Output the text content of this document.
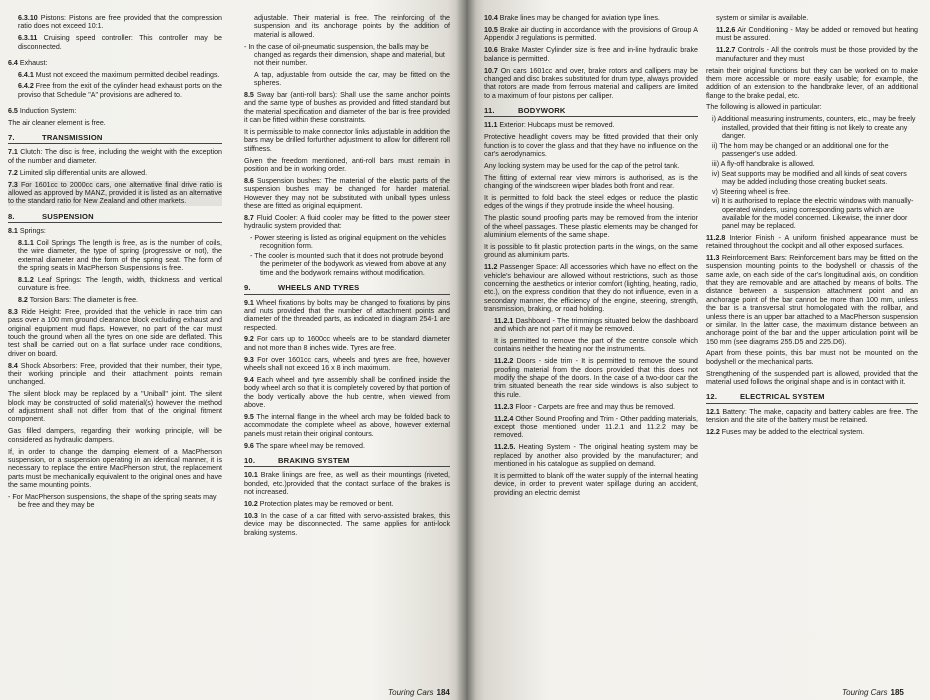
6.3.10 Pistons: Pistons are free provided that the compression ratio does not exceed 10:1.

6.3.11 Cruising speed controller: This controller may be disconnected.

6.4 Exhaust:

6.4.1 Must not exceed the maximum permitted decibel readings.

6.4.2 Free from the exit of the cylinder head exhaust ports on the proviso that Schedule "A" provisions are adhered to.

6.5 Induction System:

The air cleaner element is free.

7.	TRANSMISSION

7.1 Clutch: The disc is free, including the weight with the exception of the number and diameter.

7.2 Limited slip differential units are allowed.

7.3 For 1601cc to 2000cc cars, one alternative final drive ratio is allowed as approved by MANZ, provided it is listed as an alternative to the standard ratio for New Zealand and other markets.

8.	SUSPENSION

8.1 Springs:

8.1.1 Coil Springs The length is free, as is the number of coils, the wire diameter, the type of spring (progressive or not), the external diameter and the form of the spring seat. The form of the spring seats in MacPherson Suspensions is free.

8.1.2 Leaf Springs: The length, width, thickness and vertical curvature is free.

8.2 Torsion Bars: The diameter is free.

8.3 Ride Height: Free, provided that the vehicle in race trim can pass over a 100 mm ground clearance block excluding exhaust and original equipment mud flaps. However, no part of the car must touch the ground when all the tyres on one side are deflated. This test shall be carried out on a flat surface under race conditions, driver on board.

8.4 Shock Absorbers: Free, provided that their number, their type, their working principle and their attachment points remain unchanged.

The silent block may be replaced by a "Uniball" joint. The silent block may be constructed of solid material(s) however the method of adjustment shall not differ from that of the original fitment component.

Gas filled dampers, regarding their working principle, will be considered as hydraulic dampers.

If, in order to change the damping element of a MacPherson suspension, or a suspension operating in an identical manner, it is necessary to replace the entire MacPherson strut, the replacement parts must be mechanically equivalent to the original ones and have the same mounting points.

- For MacPherson suspensions, the shape of the spring seats may be free and they may be

adjustable. Their material is free. The reinforcing of the suspension and its anchorage points by the addition of material is allowed.

- In the case of oil-pneumatic suspension, the balls may be changed as regards their dimension, shape and material, but not their number.

A tap, adjustable from outside the car, may be fitted on the spheres.

8.5 Sway bar (anti-roll bars): Shall use the same anchor points and the same type of bushes as provided and fitted standard but the material specification and diameter of the bar is free provided it can be fitted within these constraints.

It is permissible to make connector links adjustable in addition the bars may be drilled forfurther adjustment to allow for different roll stiffness.

Given the freedom mentioned, anti-roll bars must remain in position and be in working order.

8.6 Suspension bushes: The material of the elastic parts of the suspension bushes may be changed for harder material. However they may not be substituted with uniball types unless these are fitted as original equipment.

8.7 Fluid Cooler: A fluid cooler may be fitted to the power steer hydraulic system provided that:

- Power steering is listed as original equipment on the vehicles recognition form.
- The cooler is mounted such that it does not protrude beyond the perimeter of the bodywork as viewed from above at any time and the bodywork remains without modification.
9.	WHEELS AND TYRES

9.1 Wheel fixations by bolts may be changed to fixations by pins and nuts provided that the number of attachment points and diameter of the threaded parts, as indicated in diagram 254-1 are respected.

9.2 For cars up to 1600cc wheels are to be standard diameter and not more than 8 inches wide. Tyres are free.

9.3 For over 1601cc cars, wheels and tyres are free, however wheels shall not exceed 16 x 8 inch maximum.

9.4 Each wheel and tyre assembly shall be confined inside the body wheel arch so that it is completely covered by that portion of the body vertically above the hub centre, when viewed from above.

9.5 The internal flange in the wheel arch may be folded back to accommodate the complete wheel as above, however external panels must retain their original contours.

9.6 The spare wheel may be removed.

10.	BRAKING SYSTEM

10.1 Brake linings are free, as well as their mountings (riveted, bonded, etc.)provided that the contact surface of the brakes is not increased.

10.2 Protection plates may be removed or bent.

10.3 In the case of a car fitted with servo-assisted brakes, this device may be disconnected. The same applies for anti-lock braking systems.

Touring Cars 184

10.4 Brake lines may be changed for aviation type lines.

10.5 Brake air ducting in accordance with the provisions of Group A Appendix J regulations is permitted.

10.6 Brake Master Cylinder size is free and in-line hydraulic brake balance is permitted.

10.7 On cars 1601cc and over, brake rotors and callipers may be changed and disc brakes substituted for drum type, always provided that rotors are made from ferrous material and callipers are limited to a maximum of four pistons per calliper.

11.	BODYWORK

11.1 Exterior: Hubcaps must be removed.

Protective headlight covers may be fitted provided that their only function is to cover the glass and that they have no influence on the car's aerodynamics.

Any locking system may be used for the cap of the petrol tank.

The fitting of external rear view mirrors is authorised, as is the changing of the windscreen wiper blades both front and rear.

It is permitted to fold back the steel edges or reduce the plastic edges of the wings if they protrude inside the wheel housing.

The plastic sound proofing parts may be removed from the interior of the wheel passages. These plastic elements may be changed for aluminium elements of the same shape.

It is possible to fit plastic protection parts in the wings, on the same ground as aluminium parts.

11.2 Passenger Space: All accessories which have no effect on the vehicle's behaviour are allowed without restrictions, such as those concerning the aesthetics or interior comfort (lighting, heating, radio, etc.), on the express condition that they do not influence, even in a secondary manner, the efficiency of the engine, steering, strength, transmission, braking, or road holding.

11.2.1 Dashboard - The trimmings situated below the dashboard and which are not part of it may be removed.

It is permitted to remove the part of the centre console which contains neither the heating nor the instruments.

11.2.2 Doors - side trim - It is permitted to remove the sound proofing material from the doors provided that this does not modify the shape of the doors. In the case of a two-door car the trim situated beneath the rear side windows is also subject to this rule.

11.2.3 Floor - Carpets are free and may thus be removed.

11.2.4 Other Sound Proofing and Trim - Other padding materials, except those mentioned under 11.2.1 and 11.2.2 may be removed.

11.2.5. Heating System - The original heating system may be replaced by another also provided by the manufacturer; and mentioned in his catalogue as supplied on demand.

It is permitted to blank off the water supply of the internal heating device, in order to prevent water spillage during an accident, providing an electric demist

system or similar is available.

11.2.6 Air Conditioning - May be added or removed but heating must be assured.

11.2.7 Controls - All the controls must be those provided by the manufacturer and they must

retain their original functions but they can be worked on to make them more accessible or more easily usable; for example, the addition of an extension to the handbrake lever, of an additional flange to the brake pedal, etc.

The following is allowed in particular:

i) Additional measuring instruments, counters, etc., may be freely installed, provided that their fitting is not likely to create any danger.
ii) The horn may be changed or an additional one for the passenger's use added.
iii) A fly-off handbrake is allowed.
iv) Seat supports may be modified and all kinds of seat covers may be added including those creating bucket seats.
v) Steering wheel is free.
vi) It is authorised to replace the electric windows with manually-operated winders, using corresponding parts which are available for the model concerned. Likewise, the inner door panel may be replaced.

11.2.8 Interior Finish - A uniform finished appearance must be retained throughout the cockpit and all other exposed surfaces.

11.3 Reinforcement Bars: Reinforcement bars may be fitted on the suspension mounting points to the bodyshell or chassis of the same axle, on each side of the car's longitudinal axis, on condition that they are removable and are attached by means of bolts. The distance between a suspension attachment point and an anchorage point of the bar cannot be more than 100 mm, unless the bar is a transversal strut homologated with the rollbar, and unless there is an upper bar attached to a MacPherson suspension or similar. In the latter case, the maximum distance between an anchorage point of the bar and the upper articulation point will be 150 mm (see diagrams 255.D5 and 225.D6).

Apart from these points, this bar must not be mounted on the bodyshell or the mechanical parts.

Strengthening of the suspended part is allowed, provided that the material used follows the original shape and is in contact with it.

12.	ELECTRICAL SYSTEM

12.1 Battery: The make, capacity and battery cables are free. The tension and the site of the battery must be retained.

12.2 Fuses may be added to the electrical system.

Touring Cars 185
